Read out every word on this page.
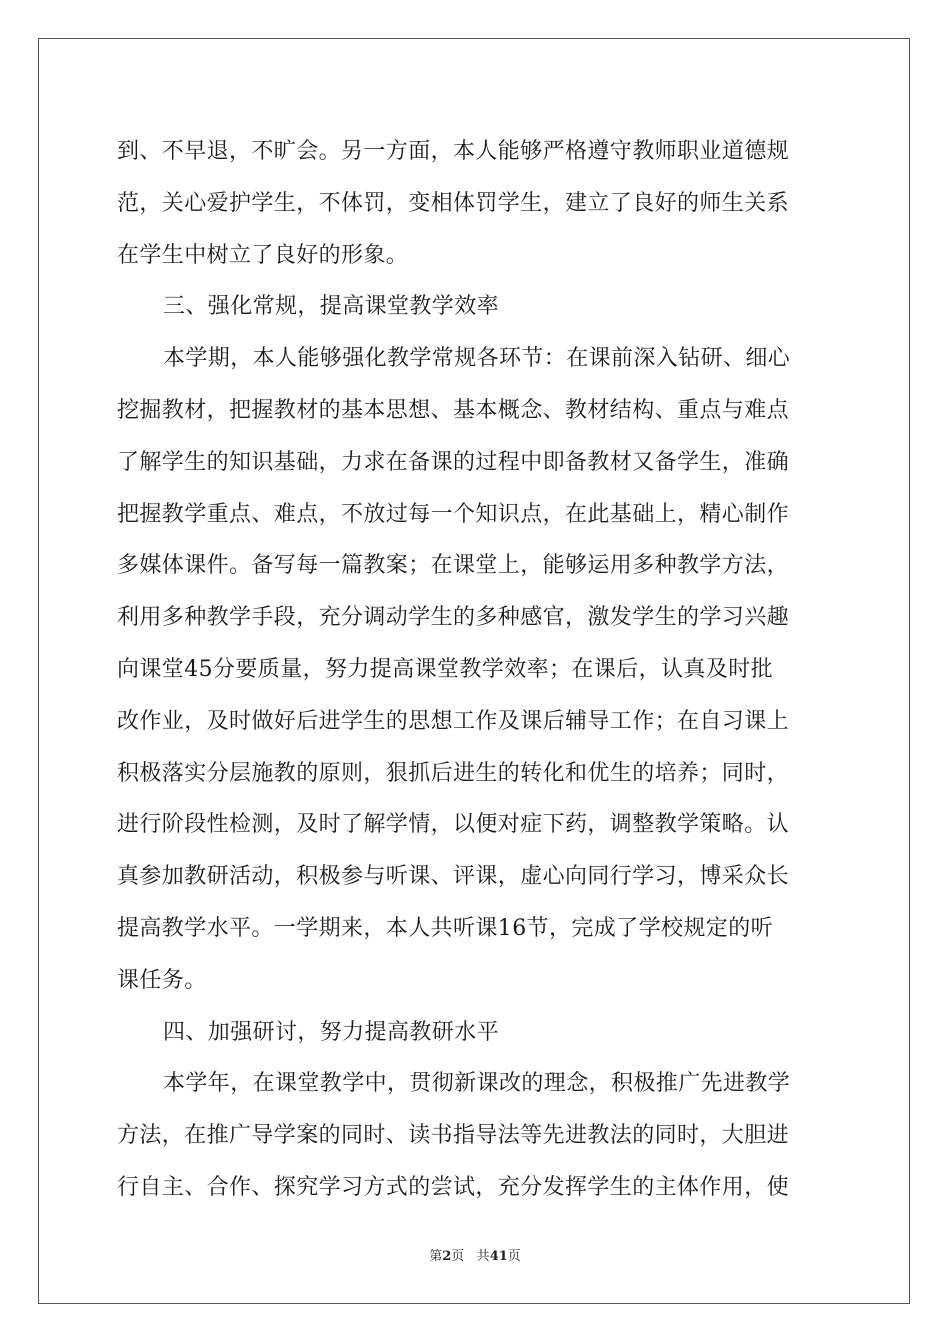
到、不早退，不旷会。另一方面，本人能够严格遵守教师职业道德规
范，关心爱护学生，不体罚，变相体罚学生，建立了良好的师生关系
在学生中树立了良好的形象。
三、强化常规，提高课堂教学效率
本学期，本人能够强化教学常规各环节：在课前深入钻研、细心
挖掘教材，把握教材的基本思想、基本概念、教材结构、重点与难点
了解学生的知识基础，力求在备课的过程中即备教材又备学生，准确
把握教学重点、难点，不放过每一个知识点，在此基础上，精心制作
多媒体课件。备写每一篇教案；在课堂上，能够运用多种教学方法，
利用多种教学手段，充分调动学生的多种感官，激发学生的学习兴趣
向课堂45分要质量，努力提高课堂教学效率；在课后，认真及时批
改作业，及时做好后进学生的思想工作及课后辅导工作；在自习课上
积极落实分层施教的原则，狠抓后进生的转化和优生的培养；同时，
进行阶段性检测，及时了解学情，以便对症下药，调整教学策略。认
真参加教研活动，积极参与听课、评课，虚心向同行学习，博采众长
提高教学水平。一学期来，本人共听课16节，完成了学校规定的听
课任务。
四、加强研讨，努力提高教研水平
本学年，在课堂教学中，贯彻新课改的理念，积极推广先进教学
方法，在推广导学案的同时、读书指导法等先进教法的同时，大胆进
行自主、合作、探究学习方式的尝试，充分发挥学生的主体作用，使
第2页 共41页
